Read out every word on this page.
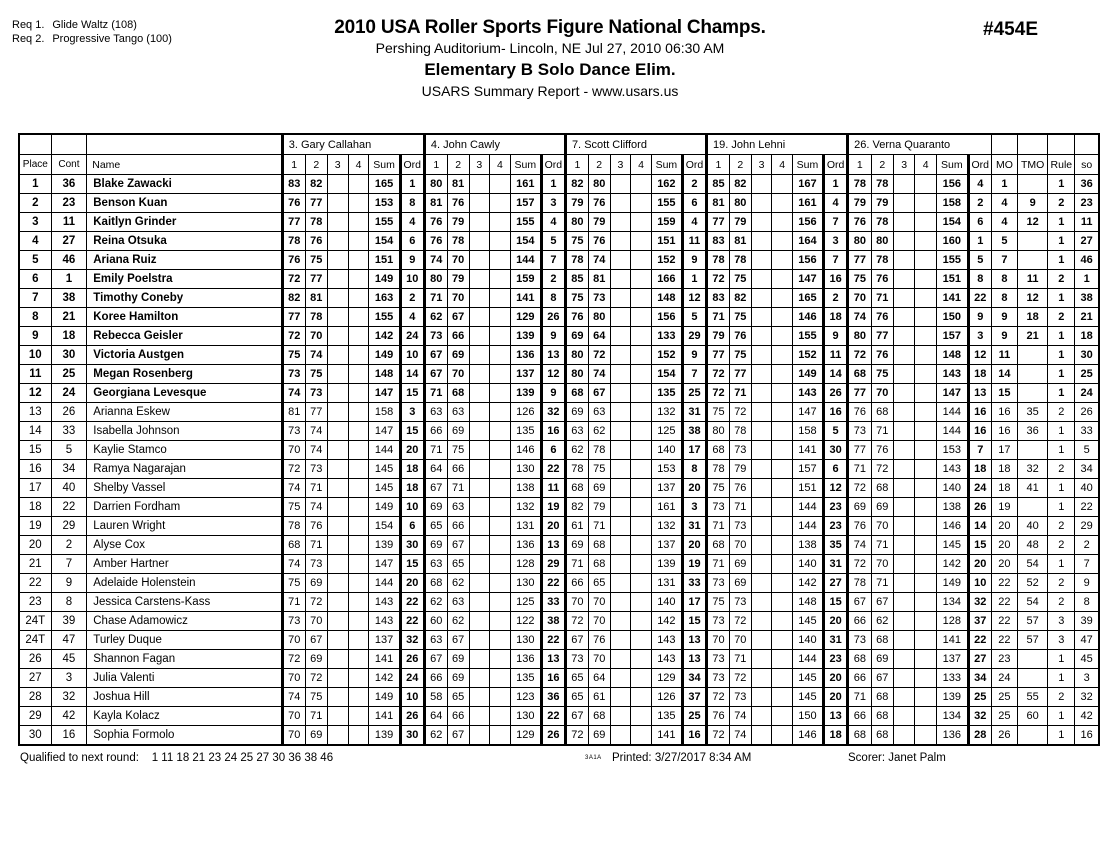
Req 1. Glide Waltz (108)
Req 2. Progressive Tango (100)
2010 USA Roller Sports Figure National Champs.
Pershing Auditorium- Lincoln, NE Jul 27, 2010 06:30 AM
Elementary B Solo Dance Elim.
USARS Summary Report - www.usars.us
#454E
			3. Gary Callahan						4. John Cawly						7. Scott Clifford						19. John Lehni						26. Verna Quaranto									
Place	Cont	Name	1	2	3	4	Sum	Ord	1	2	3	4	Sum	Ord	1	2	3	4	Sum	Ord	1	2	3	4	Sum	Ord	1	2	3	4	Sum	Ord	MO	TMO	Rule	so
1	36	Blake Zawacki	83	82			165	1	80	81			161	1	82	80			162	2	85	82			167	1	78	78			156	4	1		1	36
2	23	Benson Kuan	76	77			153	8	81	76			157	3	79	76			155	6	81	80			161	4	79	79			158	2	4	9	2	23
3	11	Kaitlyn Grinder	77	78			155	4	76	79			155	4	80	79			159	4	77	79			156	7	76	78			154	6	4	12	1	11
4	27	Reina Otsuka	78	76			154	6	76	78			154	5	75	76			151	11	83	81			164	3	80	80			160	1	5		1	27
5	46	Ariana Ruiz	76	75			151	9	74	70			144	7	78	74			152	9	78	78			156	7	77	78			155	5	7		1	46
6	1	Emily Poelstra	72	77			149	10	80	79			159	2	85	81			166	1	72	75			147	16	75	76			151	8	8	11	2	1
7	38	Timothy Coneby	82	81			163	2	71	70			141	8	75	73			148	12	83	82			165	2	70	71			141	22	8	12	1	38
8	21	Koree Hamilton	77	78			155	4	62	67			129	26	76	80			156	5	71	75			146	18	74	76			150	9	9	18	2	21
9	18	Rebecca Geisler	72	70			142	24	73	66			139	9	69	64			133	29	79	76			155	9	80	77			157	3	9	21	1	18
10	30	Victoria Austgen	75	74			149	10	67	69			136	13	80	72			152	9	77	75			152	11	72	76			148	12	11		1	30
11	25	Megan Rosenberg	73	75			148	14	67	70			137	12	80	74			154	7	72	77			149	14	68	75			143	18	14		1	25
12	24	Georgiana Levesque	74	73			147	15	71	68			139	9	68	67			135	25	72	71			143	26	77	70			147	13	15		1	24
13	26	Arianna Eskew	81	77			158	3	63	63			126	32	69	63			132	31	75	72			147	16	76	68			144	16	16	35	2	26
14	33	Isabella Johnson	73	74			147	15	66	69			135	16	63	62			125	38	80	78			158	5	73	71			144	16	16	36	1	33
15	5	Kaylie Stamco	70	74			144	20	71	75			146	6	62	78			140	17	68	73			141	30	77	76			153	7	17		1	5
16	34	Ramya Nagarajan	72	73			145	18	64	66			130	22	78	75			153	8	78	79			157	6	71	72			143	18	18	32	2	34
17	40	Shelby Vassel	74	71			145	18	67	71			138	11	68	69			137	20	75	76			151	12	72	68			140	24	18	41	1	40
18	22	Darrien Fordham	75	74			149	10	69	63			132	19	82	79			161	3	73	71			144	23	69	69			138	26	19		1	22
19	29	Lauren Wright	78	76			154	6	65	66			131	20	61	71			132	31	71	73			144	23	76	70			146	14	20	40	2	29
20	2	Alyse Cox	68	71			139	30	69	67			136	13	69	68			137	20	68	70			138	35	74	71			145	15	20	48	2	2
21	7	Amber Hartner	74	73			147	15	63	65			128	29	71	68			139	19	71	69			140	31	72	70			142	20	20	54	1	7
22	9	Adelaide Holenstein	75	69			144	20	68	62			130	22	66	65			131	33	73	69			142	27	78	71			149	10	22	52	2	9
23	8	Jessica Carstens-Kass	71	72			143	22	62	63			125	33	70	70			140	17	75	73			148	15	67	67			134	32	22	54	2	8
24T	39	Chase Adamowicz	73	70			143	22	60	62			122	38	72	70			142	15	73	72			145	20	66	62			128	37	22	57	3	39
24T	47	Turley Duque	70	67			137	32	63	67			130	22	67	76			143	13	70	70			140	31	73	68			141	22	22	57	3	47
26	45	Shannon Fagan	72	69			141	26	67	69			136	13	73	70			143	13	73	71			144	23	68	69			137	27	23		1	45
27	3	Julia Valenti	70	72			142	24	66	69			135	16	65	64			129	34	73	72			145	20	66	67			133	34	24		1	3
28	32	Joshua Hill	74	75			149	10	58	65			123	36	65	61			126	37	72	73			145	20	71	68			139	25	25	55	2	32
29	42	Kayla Kolacz	70	71			141	26	64	66			130	22	67	68			135	25	76	74			150	13	66	68			134	32	25	60	1	42
30	16	Sophia Formolo	70	69			139	30	62	67			129	26	72	69			141	16	72	74			146	18	68	68			136	28	26		1	16
Qualified to next round: 1 11 18 21 23 24 25 27 30 36 38 46	3A1A Printed: 3/27/2017 8:34 AM	Scorer: Janet Palm
